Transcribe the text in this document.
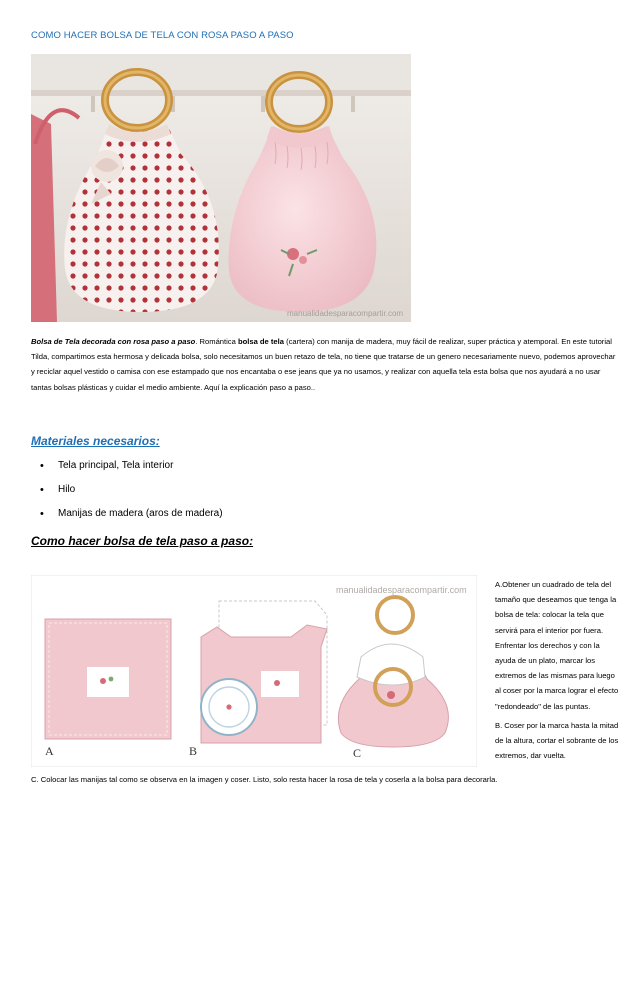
COMO HACER BOLSA DE TELA CON ROSA PASO A PASO
manualidadesparacompartir.com
Bolsa de Tela decorada con rosa paso a paso. Romántica bolsa de tela (cartera) con manija de madera, muy fácil de realizar, super práctica y atemporal. En este tutorial Tilda, compartimos esta hermosa y delicada bolsa, solo necesitamos un buen retazo de tela, no tiene que tratarse de un genero necesariamente nuevo, podemos aprovechar y reciclar aquel vestido o camisa con ese estampado que nos encantaba o ese jeans que ya no usamos, y realizar con aquella tela esta bolsa que nos ayudará a no usar tantas bolsas plásticas y cuidar el medio ambiente. Aquí la explicación paso a paso..
Materiales necesarios:
• Tela principal, Tela interior
• Hilo
• Manijas de madera (aros de madera)
Como hacer bolsa de tela paso a paso:
manualidadesparacompartir.com
A	B	C

A.Obtener un cuadrado de tela del tamaño que deseamos que tenga la bolsa de tela: colocar la tela que servirá para el interior por fuera. Enfrentar los derechos y con la ayuda de un plato, marcar los extremos de las mismas para luego al coser por la marca lograr el efecto "redondeado" de las puntas.

B. Coser por la marca hasta la mitad de la altura, cortar el sobrante de los extremos, dar vuelta.

C. Colocar las manijas tal como se observa en la imagen y coser. Listo, solo resta hacer la rosa de tela y coserla a la bolsa para decorarla.
